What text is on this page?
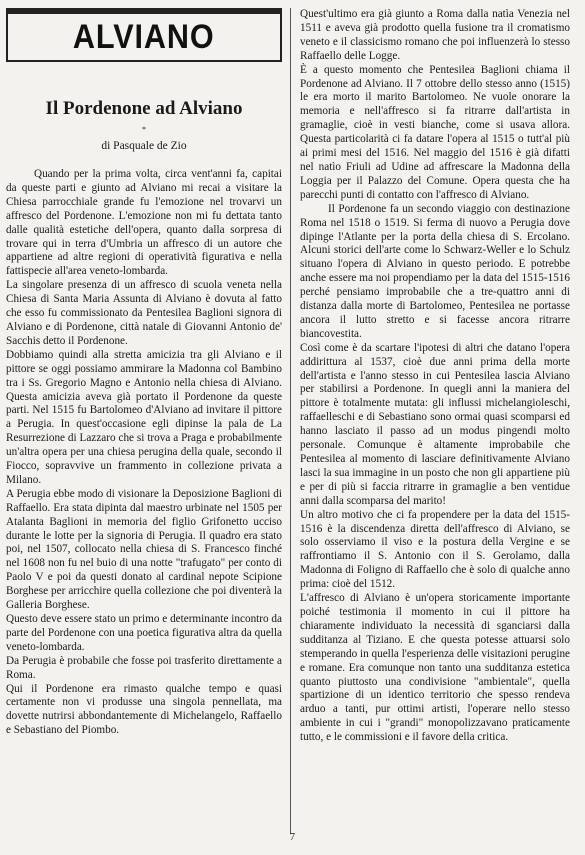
ALVIANO
Il Pordenone ad Alviano
*
di Pasquale de Zio

Quando per la prima volta, circa vent'anni fa, capitai da queste parti e giunto ad Alviano mi recai a visitare la Chiesa parrocchiale grande fu l'emozione nel trovarvi un affresco del Pordenone. L'emozione non mi fu dettata tanto dalle qualità estetiche dell'opera, quanto dalla sorpresa di trovare qui in terra d'Umbria un affresco di un autore che appartiene ad altre regioni di operatività figurativa e nella fattispecie all'area veneto-lombarda.

La singolare presenza di un affresco di scuola veneta nella Chiesa di Santa Maria Assunta di Alviano è dovuta al fatto che esso fu commissionato da Pentesilea Baglioni signora di Alviano e di Pordenone, città natale di Giovanni Antonio de' Sacchis detto il Pordenone.

Dobbiamo quindi alla stretta amicizia tra gli Alviano e il pittore se oggi possiamo ammirare la Madonna col Bambino tra i Ss. Gregorio Magno e Antonio nella chiesa di Alviano. Questa amicizia aveva già portato il Pordenone da queste parti. Nel 1515 fu Bartolomeo d'Alviano ad invitare il pittore a Perugia. In quest'occasione egli dipinse la pala de La Resurrezione di Lazzaro che si trova a Praga e probabilmente un'altra opera per una chiesa perugina della quale, secondo il Fiocco, sopravvive un frammento in collezione privata a Milano.

A Perugia ebbe modo di visionare la Deposizione Baglioni di Raffaello. Era stata dipinta dal maestro urbinate nel 1505 per Atalanta Baglioni in memoria del figlio Grifonetto ucciso durante le lotte per la signoria di Perugia. Il quadro era stato poi, nel 1507, collocato nella chiesa di S. Francesco finché nel 1608 non fu nel buio di una notte "trafugato" per conto di Paolo V e poi da questi donato al cardinal nepote Scipione Borghese per arricchire quella collezione che poi diventerà la Galleria Borghese.

Questo deve essere stato un primo e determinante incontro da parte del Pordenone con una poetica figurativa altra da quella veneto-lombarda.

Da Perugia è probabile che fosse poi trasferito direttamente a Roma.

Qui il Pordenone era rimasto qualche tempo e quasi certamente non vi produsse una singola pennellata, ma dovette nutrirsi abbondantemente di Michelangelo, Raffaello e Sebastiano del Piombo.

Quest'ultimo era già giunto a Roma dalla natìa Venezia nel 1511 e aveva già prodotto quella fusione tra il cromatismo veneto e il classicismo romano che poi influenzerà lo stesso Raffaello delle Logge.

È a questo momento che Pentesilea Baglioni chiama il Pordenone ad Alviano. Il 7 ottobre dello stesso anno (1515) le era morto il marito Bartolomeo. Ne vuole onorare la memoria e nell'affresco si fa ritrarre dall'artista in gramaglie, cioè in vesti bianche, come si usava allora. Questa particolarità ci fa datare l'opera al 1515 o tutt'al più ai primi mesi del 1516. Nel maggio del 1516 è già difatti nel natìo Friuli ad Udine ad affrescare la Madonna della Loggia per il Palazzo del Comune. Opera questa che ha parecchi punti di contatto con l'affresco di Alviano.

Il Pordenone fa un secondo viaggio con destinazione Roma nel 1518 o 1519. Si ferma di nuovo a Perugia dove dipinge l'Atlante per la porta della chiesa di S. Ercolano. Alcuni storici dell'arte come lo Schwarz-Weller e lo Schulz situano l'opera di Alviano in questo periodo. E potrebbe anche essere ma noi propendiamo per la data del 1515-1516 perché pensiamo improbabile che a tre-quattro anni di distanza dalla morte di Bartolomeo, Pentesilea ne portasse ancora il lutto stretto e si facesse ancora ritrarre biancovestita.

Così come è da scartare l'ipotesi di altri che datano l'opera addirittura al 1537, cioè due anni prima della morte dell'artista e l'anno stesso in cui Pentesilea lascia Alviano per stabilirsi a Pordenone. In quegli anni la maniera del pittore è totalmente mutata: gli influssi michelangioleschi, raffaelleschi e di Sebastiano sono ormai quasi scomparsi ed hanno lasciato il passo ad un modus pingendi molto personale. Comunque è altamente improbabile che Pentesilea al momento di lasciare definitivamente Alviano lasci la sua immagine in un posto che non gli appartiene più e per di più si faccia ritrarre in gramaglie a ben ventidue anni dalla scomparsa del marito!

Un altro motivo che ci fa propendere per la data del 1515-1516 è la discendenza diretta dell'affresco di Alviano, se solo osserviamo il viso e la postura della Vergine e se raffrontiamo il S. Antonio con il S. Gerolamo, dalla Madonna di Foligno di Raffaello che è solo di qualche anno prima: cioè del 1512.

L'affresco di Alviano è un'opera storicamente importante poiché testimonia il momento in cui il pittore ha chiaramente individuato la necessità di sganciarsi dalla sudditanza al Tiziano. E che questa potesse attuarsi solo stemperando in quella l'esperienza delle visitazioni perugine e romane. Era comunque non tanto una sudditanza estetica quanto piuttosto una condivisione "ambientale", quella spartizione di un identico territorio che spesso rendeva arduo a tanti, pur ottimi artisti, l'operare nello stesso ambiente in cui i "grandi" monopolizzavano praticamente tutto, e le commissioni e il favore della critica.

7
